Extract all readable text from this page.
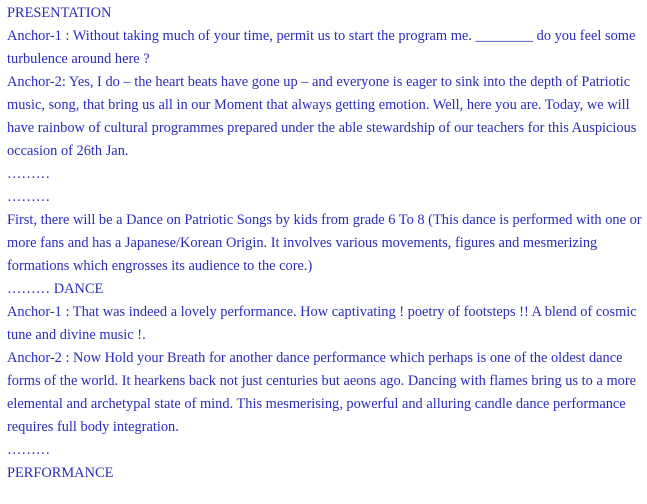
PRESENTATION
Anchor-1 : Without taking much of your time, permit us to start the program me. ________ do you feel some turbulence around here ?
Anchor-2: Yes, I do – the heart beats have gone up – and everyone is eager to sink into the depth of Patriotic music, song, that bring us all in our Moment that always getting emotion. Well, here you are. Today, we will have rainbow of cultural programmes prepared under the able stewardship of our teachers for this Auspicious occasion of 26th Jan.
………
………
First, there will be a Dance on Patriotic Songs by kids from grade 6 To 8 (This dance is performed with one or more fans and has a Japanese/Korean Origin. It involves various movements, figures and mesmerizing formations which engrosses its audience to the core.)
……… DANCE
Anchor-1 : That was indeed a lovely performance. How captivating ! poetry of footsteps !! A blend of cosmic tune and divine music !.
Anchor-2 : Now Hold your Breath for another dance performance which perhaps is one of the oldest dance forms of the world. It hearkens back not just centuries but aeons ago. Dancing with flames bring us to a more elemental and archetypal state of mind. This mesmerising, powerful and alluring candle dance performance requires full body integration.
………
PERFORMANCE
